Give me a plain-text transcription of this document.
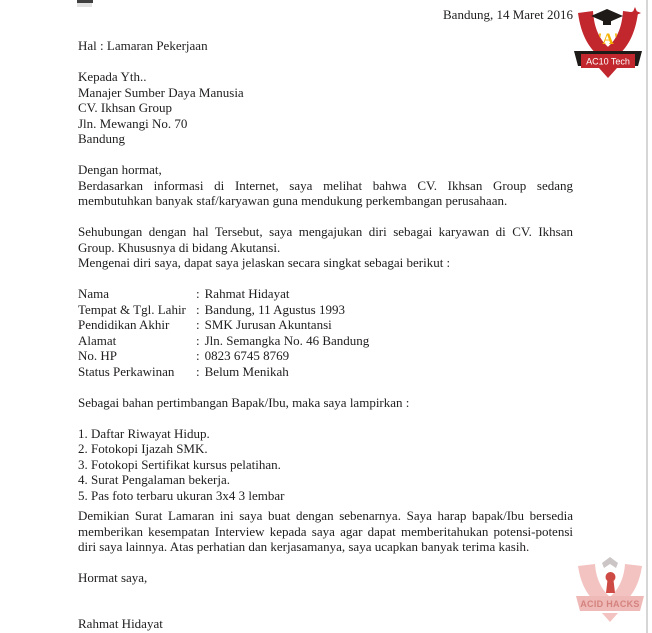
Bandung, 14 Maret 2016
Hal : Lamaran Pekerjaan
Kepada Yth..
Manajer Sumber Daya Manusia
CV. Ikhsan Group
Jln. Mewangi No. 70
Bandung
Dengan hormat,
Berdasarkan informasi di Internet, saya melihat bahwa CV. Ikhsan Group sedang
membutuhkan banyak staf/karyawan guna mendukung perkembangan perusahaan.
Sehubungan dengan hal Tersebut, saya mengajukan diri sebagai karyawan di CV. Ikhsan
Group. Khususnya di bidang Akutansi.
Mengenai diri saya, dapat saya jelaskan secara singkat sebagai berikut :
Nama	: Rahmat Hidayat
Tempat & Tgl. Lahir : Bandung, 11 Agustus 1993
Pendidikan Akhir	: SMK Jurusan Akuntansi
Alamat	: Jln. Semangka No. 46 Bandung
No. HP	: 0823 6745 8769
Status Perkawinan	: Belum Menikah
Sebagai bahan pertimbangan Bapak/Ibu, maka saya lampirkan :
1. Daftar Riwayat Hidup.
2. Fotokopi Ijazah SMK.
3. Fotokopi Sertifikat kursus pelatihan.
4. Surat Pengalaman bekerja.
5. Pas foto terbaru ukuran 3x4 3 lembar
Demikian Surat Lamaran ini saya buat dengan sebenarnya. Saya harap bapak/Ibu bersedia
memberikan kesempatan Interview kepada saya agar dapat memberitahukan potensi-potensi
diri saya lainnya. Atas perhatian dan kerjasamanya, saya ucapkan banyak terima kasih.
Hormat saya,
Rahmat Hidayat
'A'
AC10 Tech
ACID HACKS
